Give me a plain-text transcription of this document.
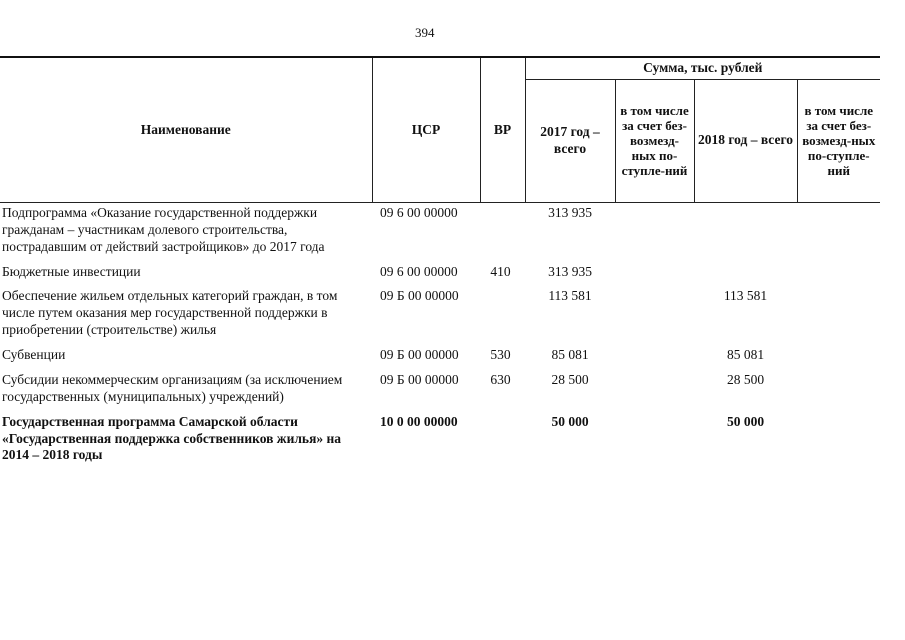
394
Наименование	ЦСР	ВР	Сумма, тыс. рублей			
			2017 год – всего	в том числе за счет без-возмезд-ных по-ступле-ний	2018 год – всего	в том числе за счет без-возмезд-ных по-ступле-ний
Подпрограмма «Оказание государственной поддержки гражданам – участникам долевого строительства, пострадавшим от действий застройщиков» до 2017 года	09 6 00 00000		313 935			
Бюджетные инвестиции	09 6 00 00000	410	313 935			
Обеспечение жильем отдельных категорий граждан, в том числе путем оказания мер государственной поддержки в приобретении (строительстве) жилья	09 Б 00 00000		113 581		113 581	
Субвенции	09 Б 00 00000	530	85 081		85 081	
Субсидии некоммерческим организациям (за исключением государственных (муниципальных) учреждений)	09 Б 00 00000	630	28 500		28 500	
Государственная программа Самарской области «Государственная поддержка собственников жилья» на 2014 – 2018 годы	10 0 00 00000		50 000		50 000	
